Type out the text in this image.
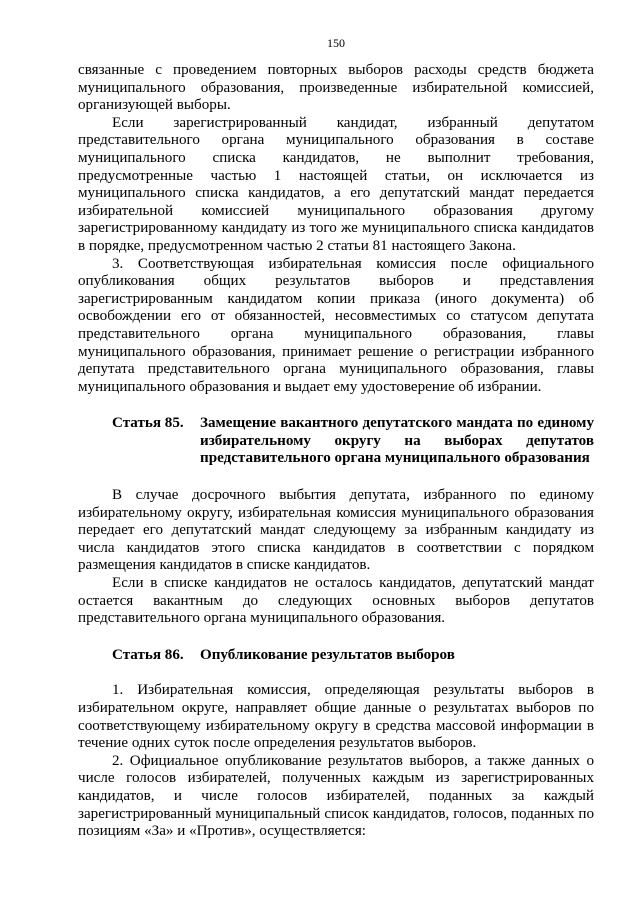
150

связанные с проведением повторных выборов расходы средств бюджета муниципального образования, произведенные избирательной комиссией, организующей выборы.

Если зарегистрированный кандидат, избранный депутатом представительного органа муниципального образования в составе муниципального списка кандидатов, не выполнит требования, предусмотренные частью 1 настоящей статьи, он исключается из муниципального списка кандидатов, а его депутатский мандат передается избирательной комиссией муниципального образования другому зарегистрированному кандидату из того же муниципального списка кандидатов в порядке, предусмотренном частью 2 статьи 81 настоящего Закона.

3. Соответствующая избирательная комиссия после официального опубликования общих результатов выборов и представления зарегистрированным кандидатом копии приказа (иного документа) об освобождении его от обязанностей, несовместимых со статусом депутата представительного органа муниципального образования, главы муниципального образования, принимает решение о регистрации избранного депутата представительного органа муниципального образования, главы муниципального образования и выдает ему удостоверение об избрании.

Статья 85.	Замещение вакантного депутатского мандата по единому избирательному округу на выборах депутатов представительного органа муниципального образования

В случае досрочного выбытия депутата, избранного по единому избирательному округу, избирательная комиссия муниципального образования передает его депутатский мандат следующему за избранным кандидату из числа кандидатов этого списка кандидатов в соответствии с порядком размещения кандидатов в списке кандидатов.

Если в списке кандидатов не осталось кандидатов, депутатский мандат остается вакантным до следующих основных выборов депутатов представительного органа муниципального образования.

Статья 86.	Опубликование результатов выборов

1. Избирательная комиссия, определяющая результаты выборов в избирательном округе, направляет общие данные о результатах выборов по соответствующему избирательному округу в средства массовой информации в течение одних суток после определения результатов выборов.

2. Официальное опубликование результатов выборов, а также данных о числе голосов избирателей, полученных каждым из зарегистрированных кандидатов, и числе голосов избирателей, поданных за каждый зарегистрированный муниципальный список кандидатов, голосов, поданных по позициям «За» и «Против», осуществляется:
